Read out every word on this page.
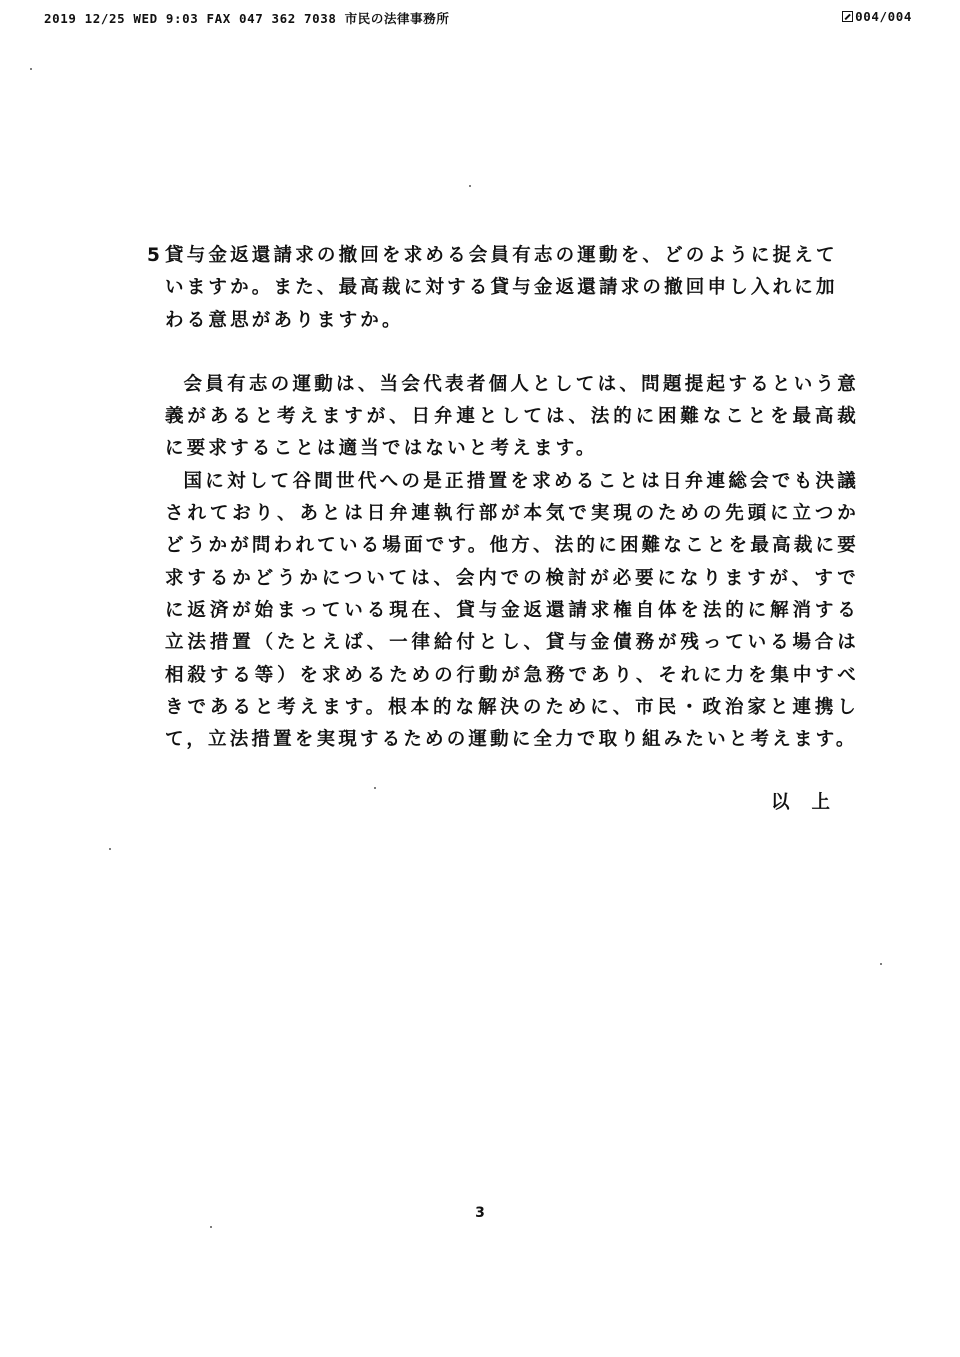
2019 12/25 WED 9:03 FAX 047 362 7038 市民の法律事務所	004/004
5 貸与金返還請求の撤回を求める会員有志の運動を、どのように捉えていますか。また、最高裁に対する貸与金返還請求の撤回申し入れに加わる意思がありますか。

会員有志の運動は、当会代表者個人としては、問題提起するという意義があると考えますが、日弁連としては、法的に困難なことを最高裁に要求することは適当ではないと考えます。

国に対して谷間世代への是正措置を求めることは日弁連総会でも決議されており、あとは日弁連執行部が本気で実現のための先頭に立つかどうかが問われている場面です。他方、法的に困難なことを最高裁に要求するかどうかについては、会内での検討が必要になりますが、すでに返済が始まっている現在、貸与金返還請求権自体を法的に解消する立法措置（たとえば、一律給付とし、貸与金債務が残っている場合は相殺する等）を求めるための行動が急務であり、それに力を集中すべきであると考えます。根本的な解決のために、市民・政治家と連携して，立法措置を実現するための運動に全力で取り組みたいと考えます。

以上
3
